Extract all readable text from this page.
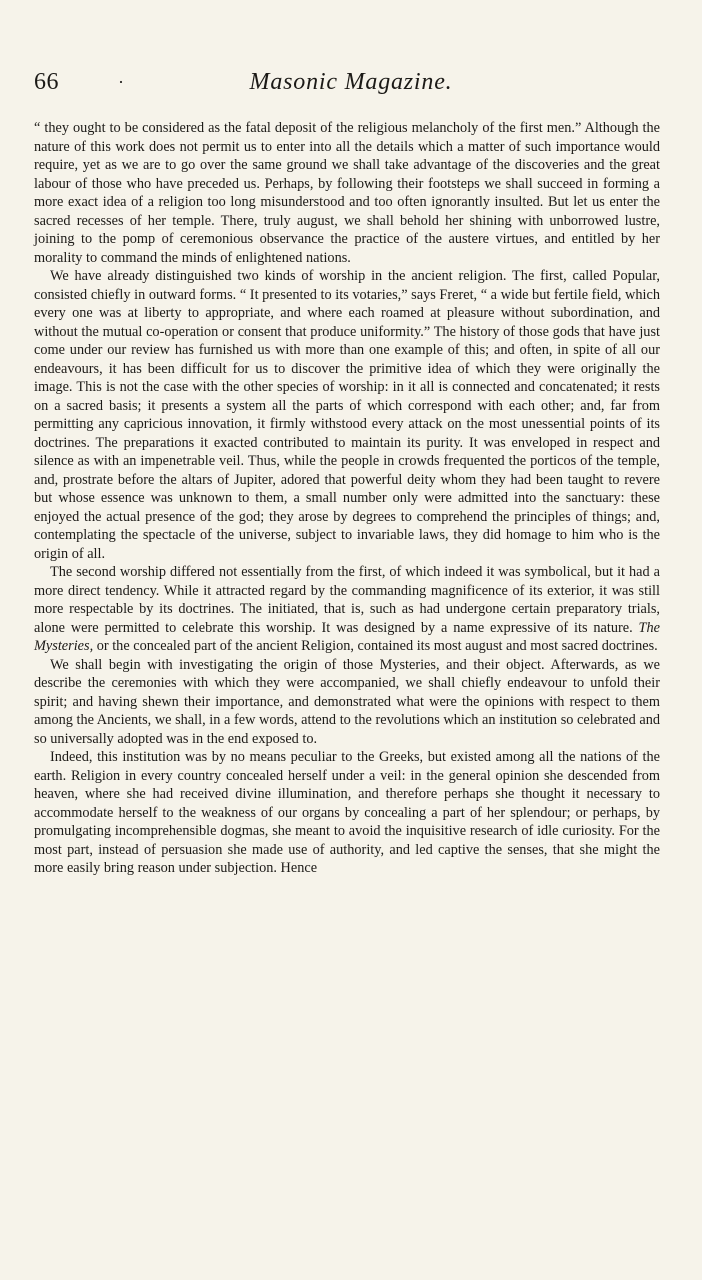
66	·	Masonic Magazine.

“ they ought to be considered as the fatal deposit of the religious melancholy of the first men.” Although the nature of this work does not permit us to enter into all the details which a matter of such importance would require, yet as we are to go over the same ground we shall take advantage of the discoveries and the great labour of those who have preceded us. Perhaps, by following their footsteps we shall succeed in forming a more exact idea of a religion too long misunderstood and too often ignorantly insulted. But let us enter the sacred recesses of her temple. There, truly august, we shall behold her shining with unborrowed lustre, joining to the pomp of ceremonious observance the practice of the austere virtues, and entitled by her morality to command the minds of enlightened nations.

We have already distinguished two kinds of worship in the ancient religion. The first, called Popular, consisted chiefly in outward forms. “ It presented to its votaries,” says Freret, “ a wide but fertile field, which every one was at liberty to appropriate, and where each roamed at pleasure without subordination, and without the mutual co-operation or consent that produce uniformity.” The history of those gods that have just come under our review has furnished us with more than one example of this; and often, in spite of all our endeavours, it has been difficult for us to discover the primitive idea of which they were originally the image. This is not the case with the other species of worship: in it all is connected and concatenated; it rests on a sacred basis; it presents a system all the parts of which correspond with each other; and, far from permitting any capricious innovation, it firmly withstood every attack on the most unessential points of its doctrines. The preparations it exacted contributed to maintain its purity. It was enveloped in respect and silence as with an impenetrable veil. Thus, while the people in crowds frequented the porticos of the temple, and, prostrate before the altars of Jupiter, adored that powerful deity whom they had been taught to revere but whose essence was unknown to them, a small number only were admitted into the sanctuary: these enjoyed the actual presence of the god; they arose by degrees to comprehend the principles of things; and, contemplating the spectacle of the universe, subject to invariable laws, they did homage to him who is the origin of all.

The second worship differed not essentially from the first, of which indeed it was symbolical, but it had a more direct tendency. While it attracted regard by the commanding magnificence of its exterior, it was still more respectable by its doctrines. The initiated, that is, such as had undergone certain preparatory trials, alone were permitted to celebrate this worship. It was designed by a name expressive of its nature. The Mysteries, or the concealed part of the ancient Religion, contained its most august and most sacred doctrines.

We shall begin with investigating the origin of those Mysteries, and their object. Afterwards, as we describe the ceremonies with which they were accompanied, we shall chiefly endeavour to unfold their spirit; and having shewn their importance, and demonstrated what were the opinions with respect to them among the Ancients, we shall, in a few words, attend to the revolutions which an institution so celebrated and so universally adopted was in the end exposed to.

Indeed, this institution was by no means peculiar to the Greeks, but existed among all the nations of the earth. Religion in every country concealed herself under a veil: in the general opinion she descended from heaven, where she had received divine illumination, and therefore perhaps she thought it necessary to accommodate herself to the weakness of our organs by concealing a part of her splendour; or perhaps, by promulgating incomprehensible dogmas, she meant to avoid the inquisitive research of idle curiosity. For the most part, instead of persuasion she made use of authority, and led captive the senses, that she might the more easily bring reason under subjection. Hence
